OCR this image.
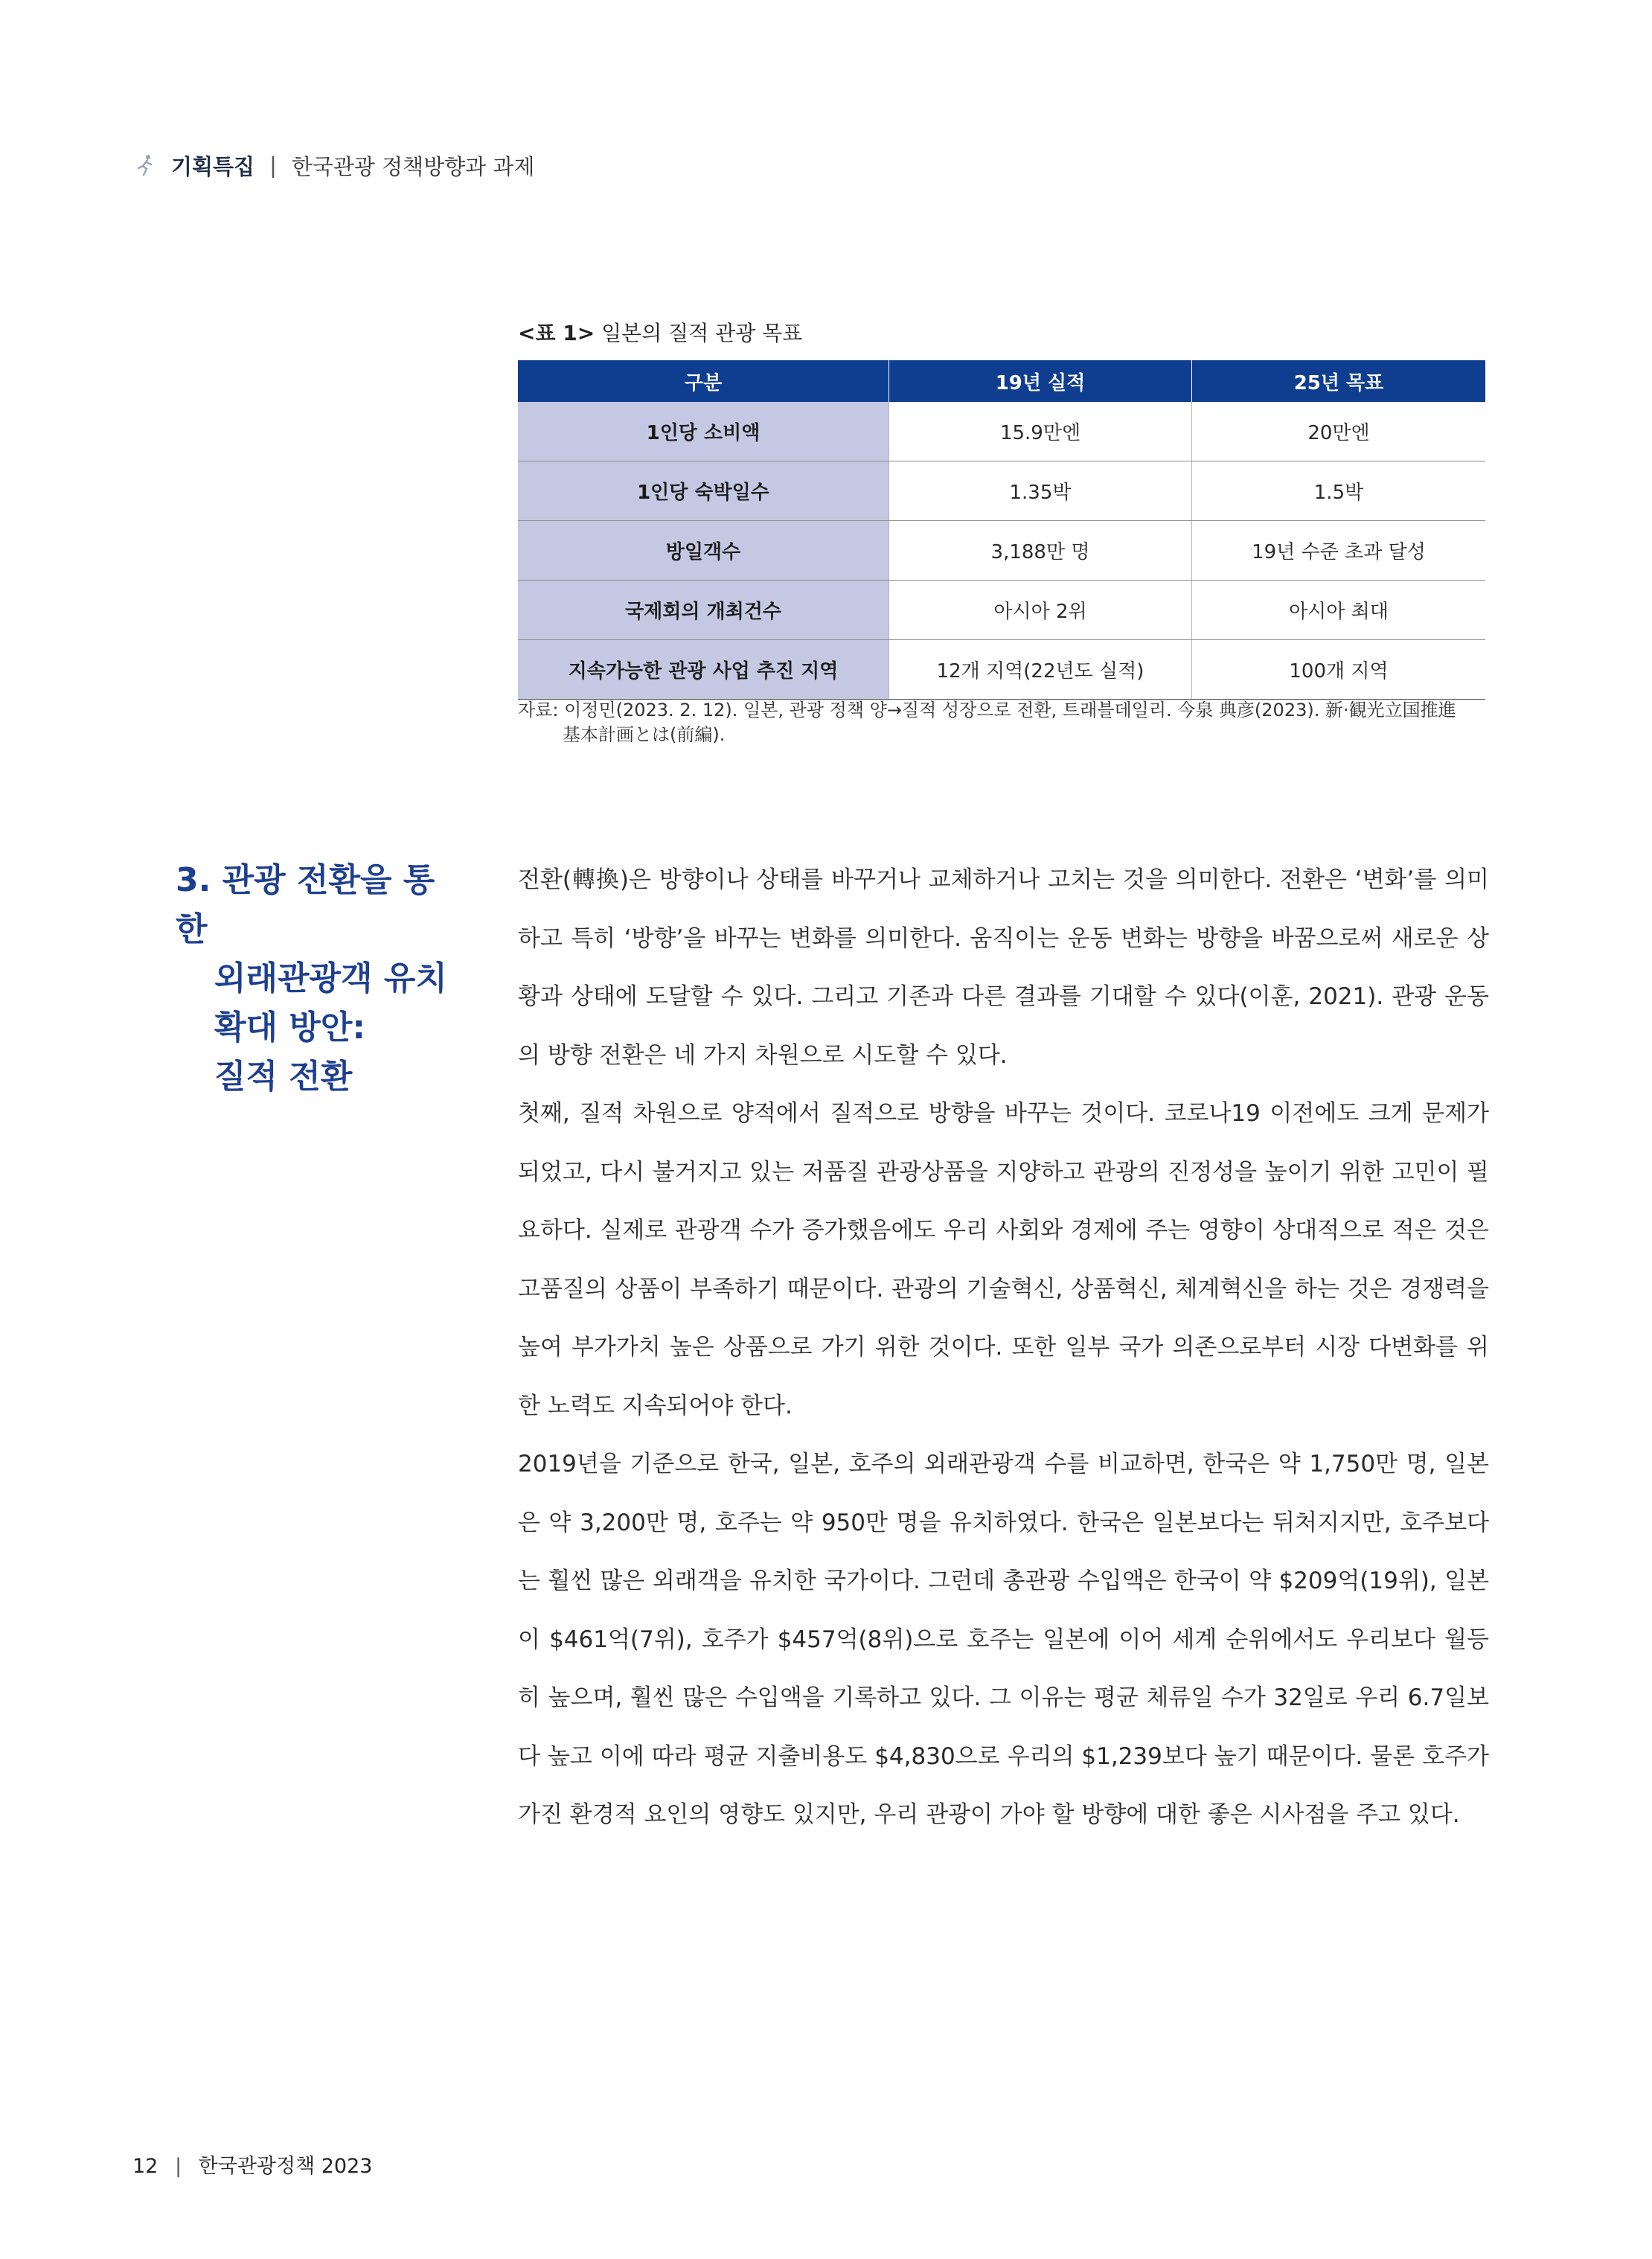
기획특집 | 한국관광 정책방향과 과제
<표 1> 일본의 질적 관광 목표
구분	19년 실적	25년 목표
1인당 소비액	15.9만엔	20만엔
1인당 숙박일수	1.35박	1.5박
방일객수	3,188만 명	19년 수준 초과 달성
국제회의 개최건수	아시아 2위	아시아 최대
지속가능한 관광 사업 추진 지역	12개 지역(22년도 실적)	100개 지역
자료: 이정민(2023. 2. 12). 일본, 관광 정책 양→질적 성장으로 전환, 트래블데일리. 今泉 典彦(2023). 新·観光立国推進
基本計画とは(前編).
3. 관광 전환을 통한
외래관광객 유치
확대 방안:
질적 전환

전환(轉換)은 방향이나 상태를 바꾸거나 교체하거나 고치는 것을 의미한다. 전환은 ‘변화’를 의미하고 특히 ‘방향’을 바꾸는 변화를 의미한다. 움직이는 운동 변화는 방향을 바꿈으로써 새로운 상황과 상태에 도달할 수 있다. 그리고 기존과 다른 결과를 기대할 수 있다(이훈, 2021). 관광 운동의 방향 전환은 네 가지 차원으로 시도할 수 있다.

첫째, 질적 차원으로 양적에서 질적으로 방향을 바꾸는 것이다. 코로나19 이전에도 크게 문제가 되었고, 다시 불거지고 있는 저품질 관광상품을 지양하고 관광의 진정성을 높이기 위한 고민이 필요하다. 실제로 관광객 수가 증가했음에도 우리 사회와 경제에 주는 영향이 상대적으로 적은 것은 고품질의 상품이 부족하기 때문이다. 관광의 기술혁신, 상품혁신, 체계혁신을 하는 것은 경쟁력을 높여 부가가치 높은 상품으로 가기 위한 것이다. 또한 일부 국가 의존으로부터 시장 다변화를 위한 노력도 지속되어야 한다.

2019년을 기준으로 한국, 일본, 호주의 외래관광객 수를 비교하면, 한국은 약 1,750만 명, 일본은 약 3,200만 명, 호주는 약 950만 명을 유치하였다. 한국은 일본보다는 뒤처지지만, 호주보다는 훨씬 많은 외래객을 유치한 국가이다. 그런데 총관광 수입액은 한국이 약 $209억(19위), 일본이 $461억(7위), 호주가 $457억(8위)으로 호주는 일본에 이어 세계 순위에서도 우리보다 월등히 높으며, 훨씬 많은 수입액을 기록하고 있다. 그 이유는 평균 체류일 수가 32일로 우리 6.7일보다 높고 이에 따라 평균 지출비용도 $4,830으로 우리의 $1,239보다 높기 때문이다. 물론 호주가 가진 환경적 요인의 영향도 있지만, 우리 관광이 가야 할 방향에 대한 좋은 시사점을 주고 있다.

12 | 한국관광정책 2023
